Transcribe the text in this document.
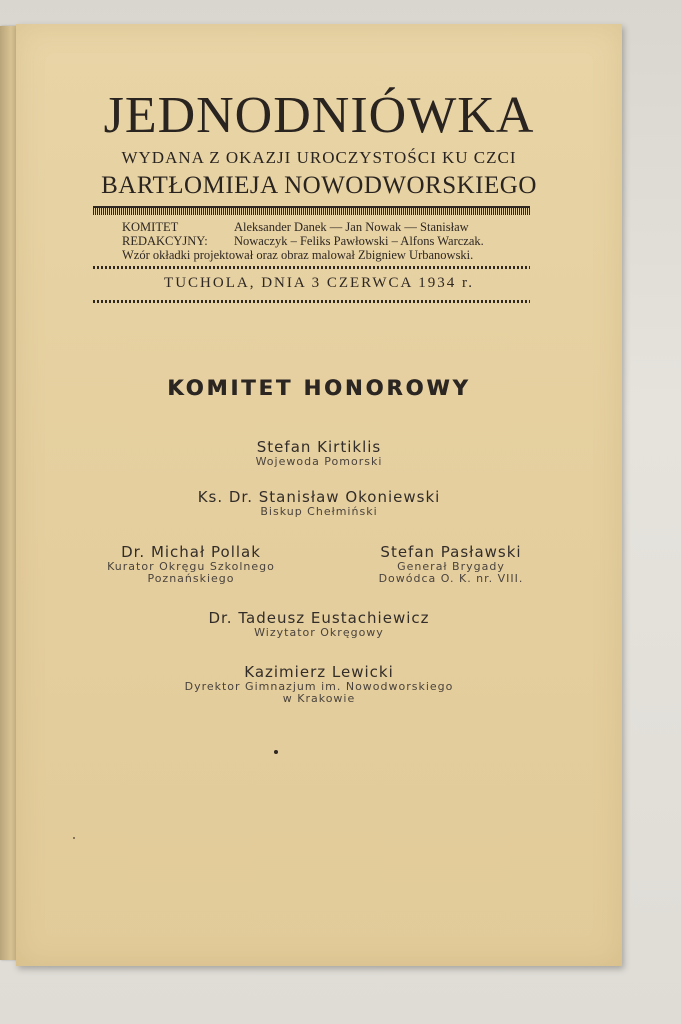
JEDNODNIÓWKA
WYDANA Z OKAZJI UROCZYSTOŚCI KU CZCI
BARTŁOMIEJA NOWODWORSKIEGO
KOMITET	Aleksander Danek — Jan Nowak — Stanisław
REDAKCYJNY:	Nowaczyk – Feliks Pawłowski – Alfons Warczak.
Wzór okładki projektował oraz obraz malował Zbigniew Urbanowski.
TUCHOLA, DNIA 3 CZERWCA 1934 r.
KOMITET HONOROWY
Stefan Kirtiklis
Wojewoda Pomorski
Ks. Dr. Stanisław Okoniewski
Biskup Chełmiński
Dr. Michał Pollak
Kurator Okręgu Szkolnego
Poznańskiego
Stefan Pasławski
Generał Brygady
Dowódca O. K. nr. VIII.
Dr. Tadeusz Eustachiewicz
Wizytator Okręgowy
Kazimierz Lewicki
Dyrektor Gimnazjum im. Nowodworskiego
w Krakowie
